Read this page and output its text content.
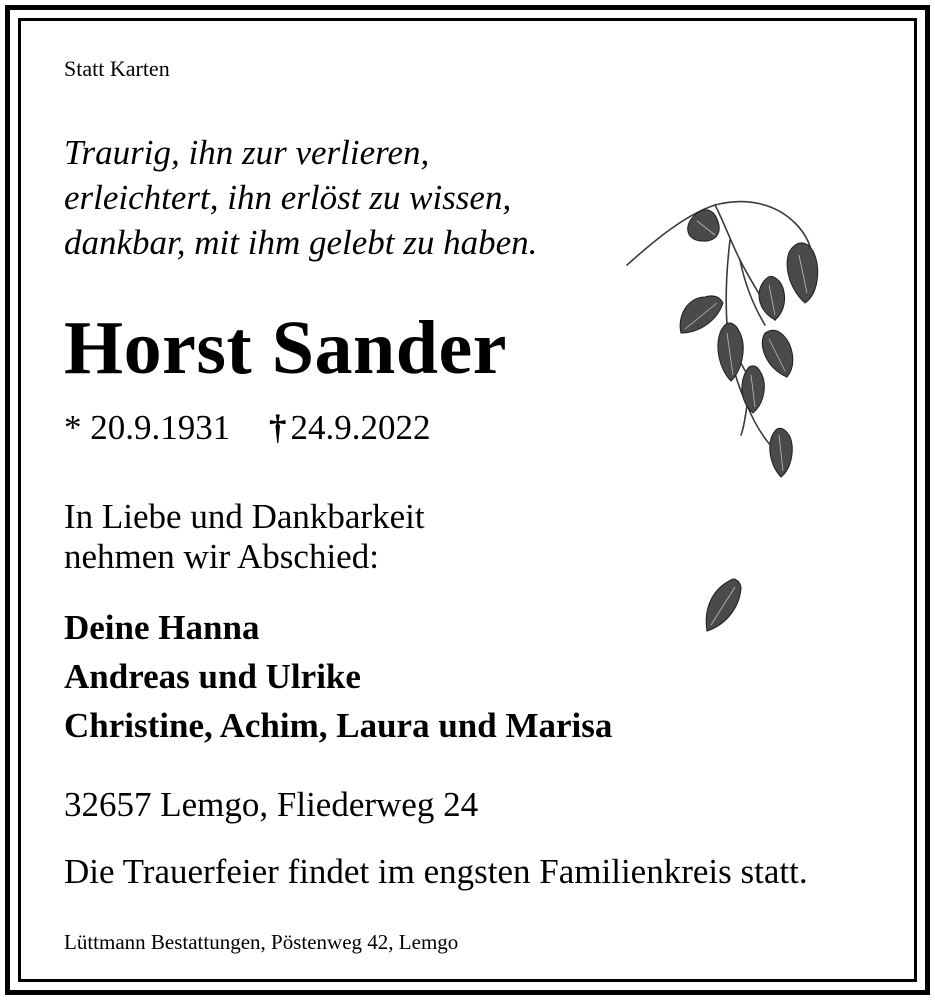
Statt Karten

Traurig, ihn zur verlieren,
erleichtert, ihn erlöst zu wissen,
dankbar, mit ihm gelebt zu haben.
Horst Sander
* 20.9.1931 † 24.9.2022
In Liebe und Dankbarkeit
nehmen wir Abschied:
Deine Hanna
Andreas und Ulrike
Christine, Achim, Laura und Marisa

32657 Lemgo, Fliederweg 24

Die Trauerfeier findet im engsten Familienkreis statt.

Lüttmann Bestattungen, Pöstenweg 42, Lemgo
